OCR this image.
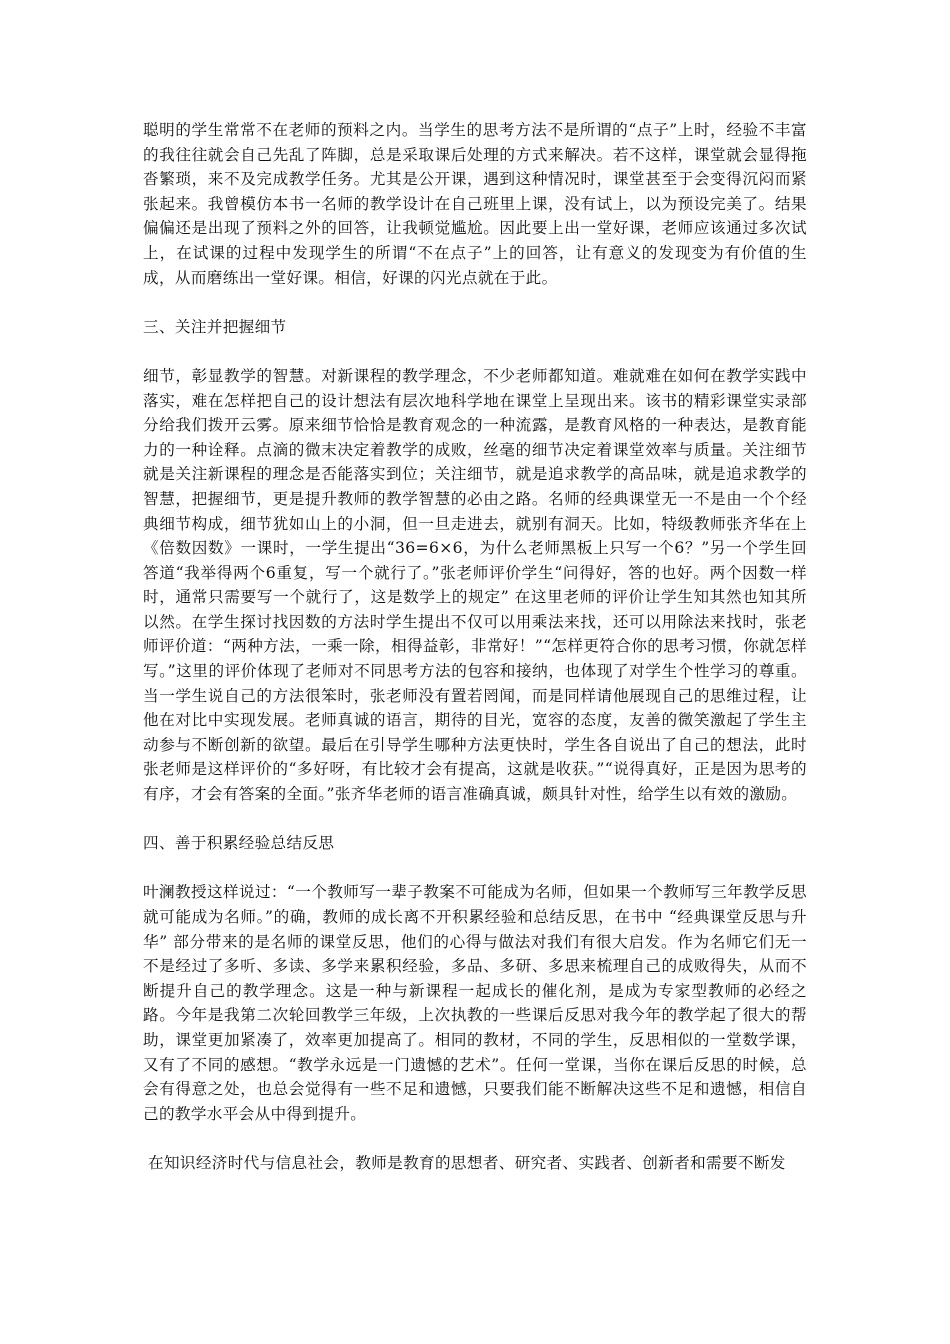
聪明的学生常常不在老师的预料之内。当学生的思考方法不是所谓的“点子”上时，经验不丰富的我往往就会自己先乱了阵脚，总是采取课后处理的方式来解决。若不这样，课堂就会显得拖沓繁琐，来不及完成教学任务。尤其是公开课，遇到这种情况时，课堂甚至于会变得沉闷而紧张起来。我曾模仿本书一名师的教学设计在自己班里上课，没有试上，以为预设完美了。结果偏偏还是出现了预料之外的回答，让我顿觉尴尬。因此要上出一堂好课，老师应该通过多次试上，在试课的过程中发现学生的所谓“不在点子”上的回答，让有意义的发现变为有价值的生成，从而磨练出一堂好课。相信，好课的闪光点就在于此。

三、关注并把握细节

细节，彰显教学的智慧。对新课程的教学理念，不少老师都知道。难就难在如何在教学实践中落实，难在怎样把自己的设计想法有层次地科学地在课堂上呈现出来。该书的精彩课堂实录部分给我们拨开云雾。原来细节恰恰是教育观念的一种流露，是教育风格的一种表达，是教育能力的一种诠释。点滴的微末决定着教学的成败，丝毫的细节决定着课堂效率与质量。关注细节就是关注新课程的理念是否能落实到位；关注细节，就是追求教学的高品味，就是追求教学的智慧，把握细节，更是提升教师的教学智慧的必由之路。名师的经典课堂无一不是由一个个经典细节构成，细节犹如山上的小洞，但一旦走进去，就别有洞天。比如，特级教师张齐华在上《倍数因数》一课时，一学生提出“36=6×6，为什么老师黑板上只写一个6？”另一个学生回答道“我举得两个6重复，写一个就行了。”张老师评价学生“问得好，答的也好。两个因数一样时，通常只需要写一个就行了，这是数学上的规定” 在这里老师的评价让学生知其然也知其所以然。在学生探讨找因数的方法时学生提出不仅可以用乘法来找，还可以用除法来找时，张老师评价道：“两种方法，一乘一除，相得益彰，非常好！”“怎样更符合你的思考习惯，你就怎样写。”这里的评价体现了老师对不同思考方法的包容和接纳，也体现了对学生个性学习的尊重。当一学生说自己的方法很笨时，张老师没有置若罔闻，而是同样请他展现自己的思维过程，让他在对比中实现发展。老师真诚的语言，期待的目光，宽容的态度，友善的微笑激起了学生主动参与不断创新的欲望。最后在引导学生哪种方法更快时，学生各自说出了自己的想法，此时张老师是这样评价的“多好呀，有比较才会有提高，这就是收获。”“说得真好，正是因为思考的有序，才会有答案的全面。”张齐华老师的语言准确真诚，颇具针对性，给学生以有效的激励。

四、善于积累经验总结反思

叶澜教授这样说过：“一个教师写一辈子教案不可能成为名师，但如果一个教师写三年教学反思就可能成为名师。”的确，教师的成长离不开积累经验和总结反思，在书中 “经典课堂反思与升华” 部分带来的是名师的课堂反思，他们的心得与做法对我们有很大启发。作为名师它们无一不是经过了多听、多读、多学来累积经验，多品、多研、多思来梳理自己的成败得失，从而不断提升自己的教学理念。这是一种与新课程一起成长的催化剂，是成为专家型教师的必经之路。今年是我第二次轮回教学三年级，上次执教的一些课后反思对我今年的教学起了很大的帮助，课堂更加紧凑了，效率更加提高了。相同的教材，不同的学生，反思相似的一堂数学课，又有了不同的感想。“教学永远是一门遗憾的艺术”。任何一堂课，当你在课后反思的时候，总会有得意之处，也总会觉得有一些不足和遗憾，只要我们能不断解决这些不足和遗憾，相信自己的教学水平会从中得到提升。

在知识经济时代与信息社会，教师是教育的思想者、研究者、实践者、创新者和需要不断发
